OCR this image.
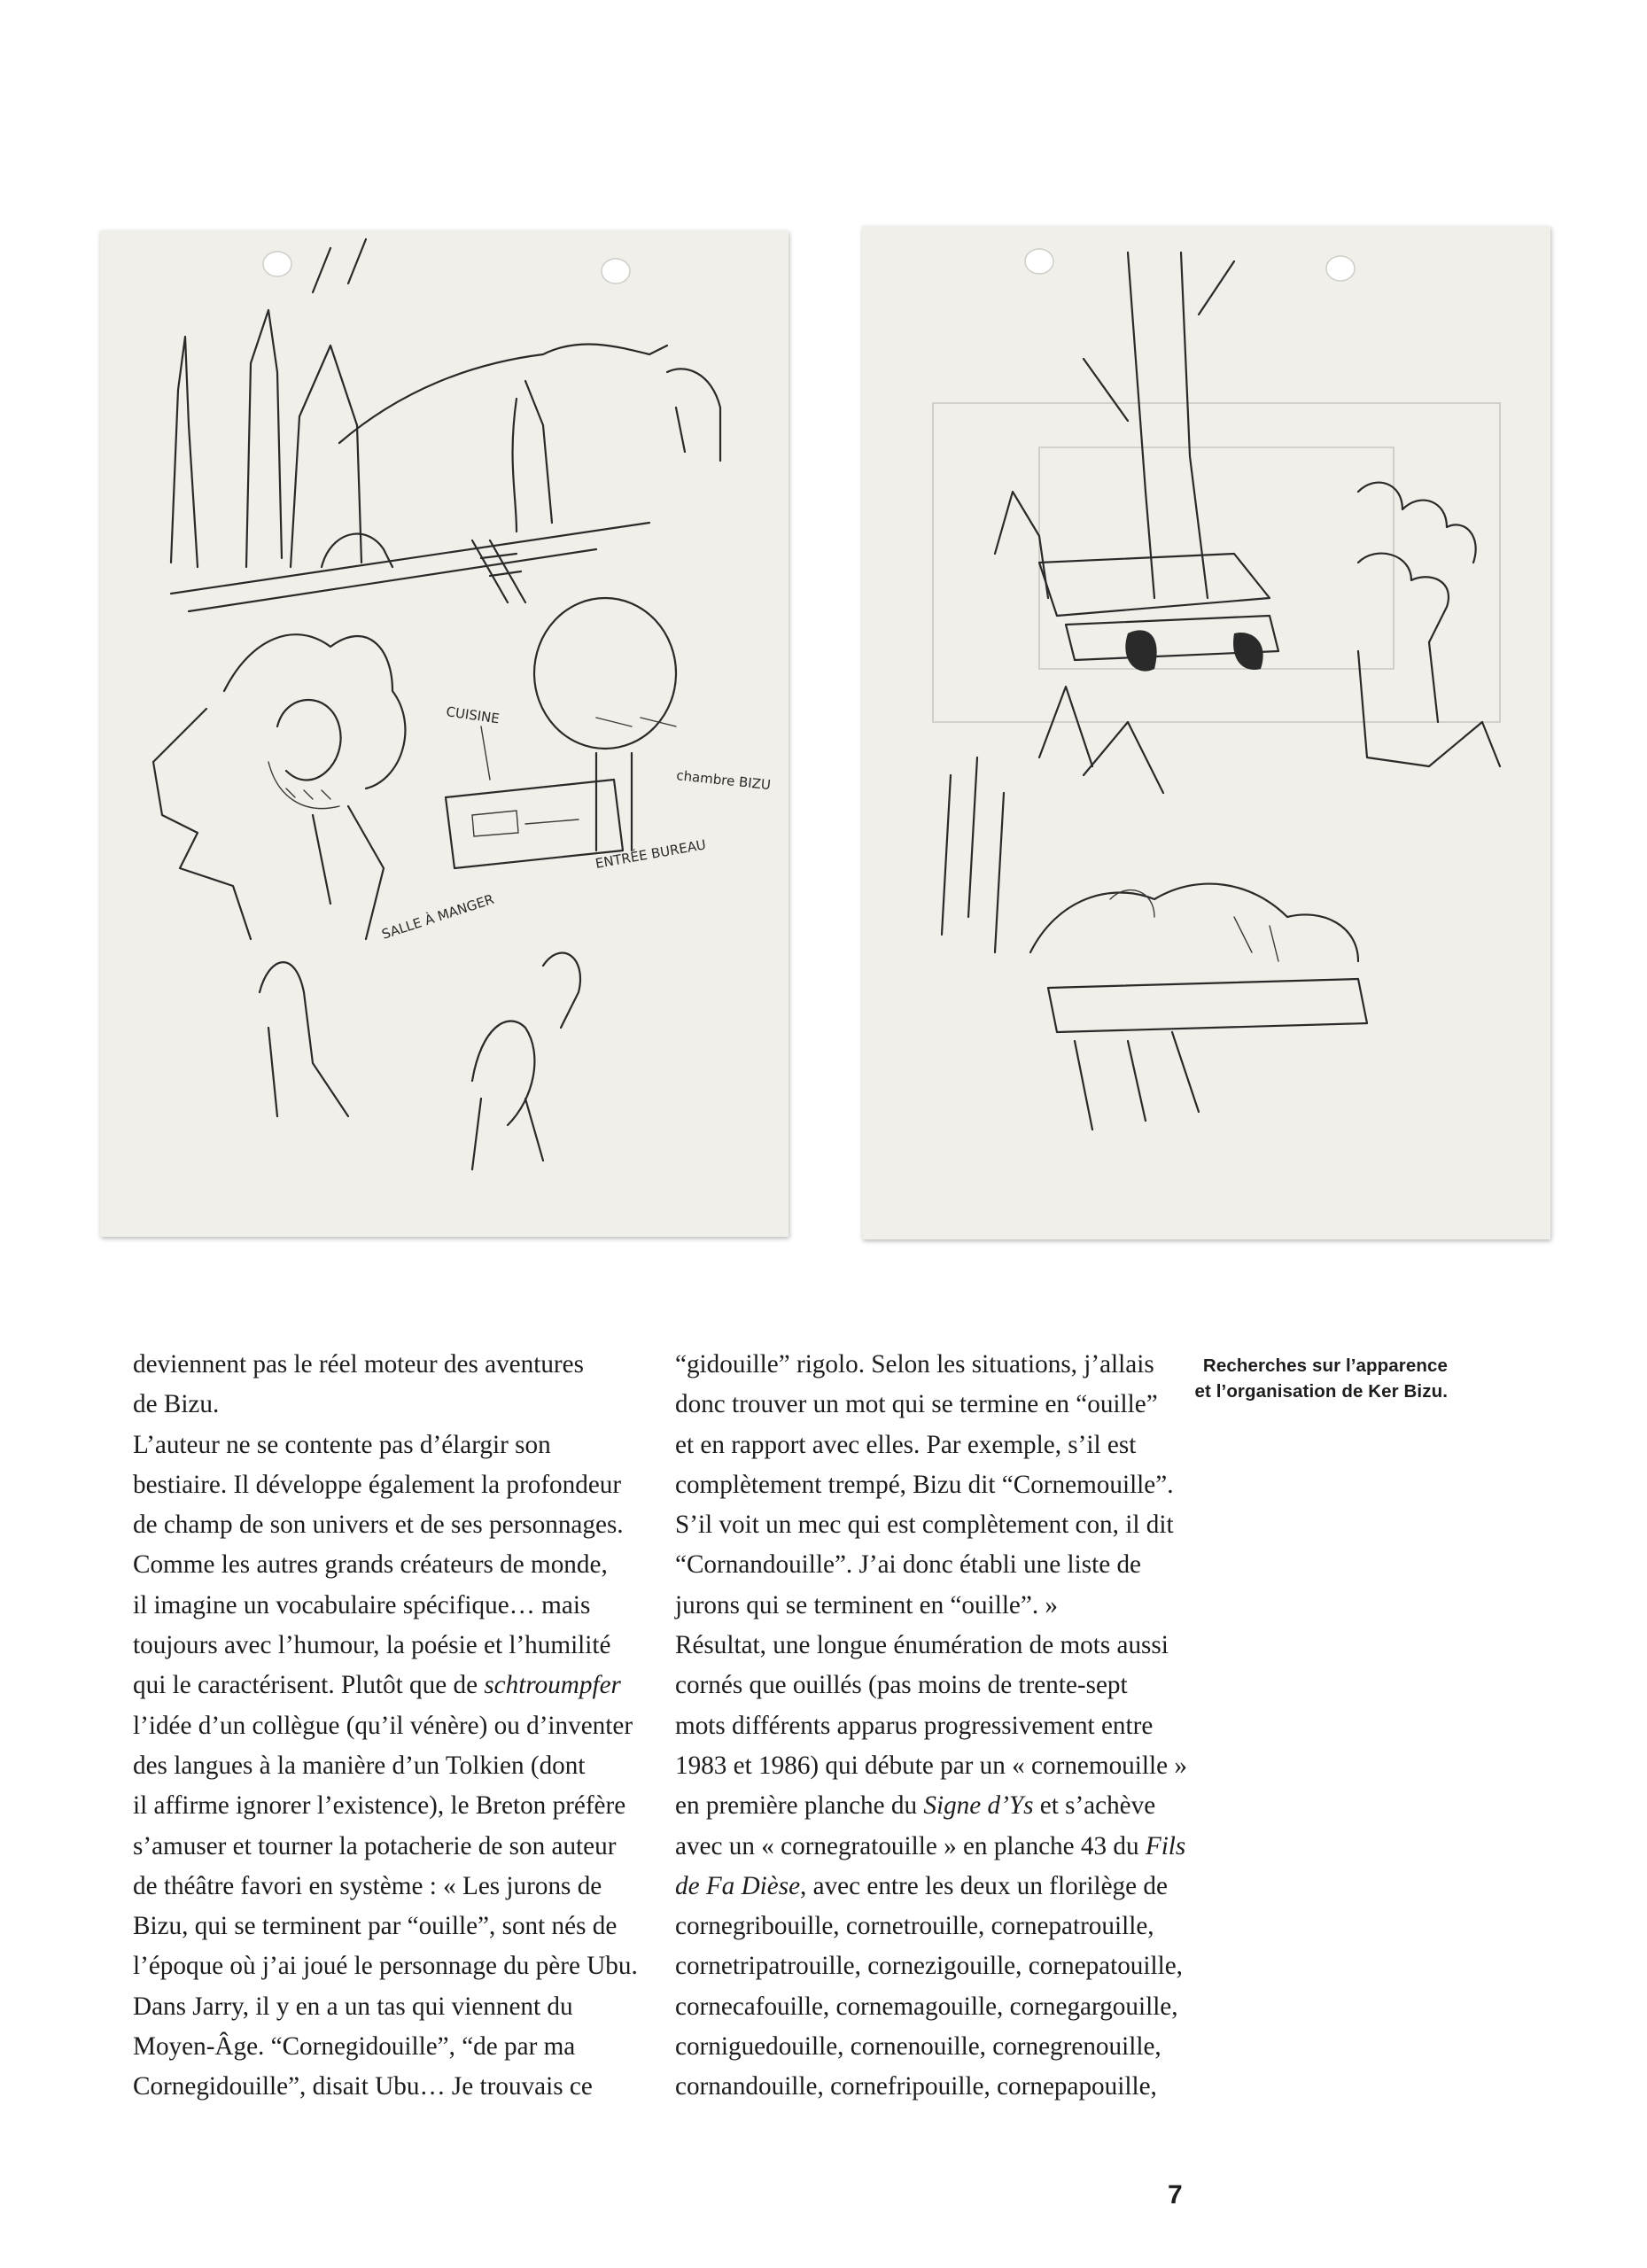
CUISINE
chambre BIZU
SALLE À MANGER
ENTRÉE BUREAU

deviennent pas le réel moteur des aventures

de Bizu.

L’auteur ne se contente pas d’élargir son

bestiaire. Il développe également la profondeur

de champ de son univers et de ses personnages.

Comme les autres grands créateurs de monde,

il imagine un vocabulaire spécifique… mais

toujours avec l’humour, la poésie et l’humilité

qui le caractérisent. Plutôt que de schtroumpfer

l’idée d’un collègue (qu’il vénère) ou d’inventer

des langues à la manière d’un Tolkien (dont

il affirme ignorer l’existence), le Breton préfère

s’amuser et tourner la potacherie de son auteur

de théâtre favori en système : « Les jurons de

Bizu, qui se terminent par “ouille”, sont nés de

l’époque où j’ai joué le personnage du père Ubu.

Dans Jarry, il y en a un tas qui viennent du

Moyen-Âge. “Cornegidouille”, “de par ma

Cornegidouille”, disait Ubu… Je trouvais ce

“gidouille” rigolo. Selon les situations, j’allais

donc trouver un mot qui se termine en “ouille”

et en rapport avec elles. Par exemple, s’il est

complètement trempé, Bizu dit “Cornemouille”.

S’il voit un mec qui est complètement con, il dit

“Cornandouille”. J’ai donc établi une liste de

jurons qui se terminent en “ouille”. »

Résultat, une longue énumération de mots aussi

cornés que ouillés (pas moins de trente-sept

mots différents apparus progressivement entre

1983 et 1986) qui débute par un « cornemouille »

en première planche du Signe d’Ys et s’achève

avec un « cornegratouille » en planche 43 du Fils

de Fa Dièse, avec entre les deux un florilège de

cornegribouille, cornetrouille, cornepatrouille,

cornetripatrouille, cornezigouille, cornepatouille,

cornecafouille, cornemagouille, cornegargouille,

corniguedouille, cornenouille, cornegrenouille,

cornandouille, cornefripouille, cornepapouille,

Recherches sur l’apparence

et l’organisation de Ker Bizu.

7
